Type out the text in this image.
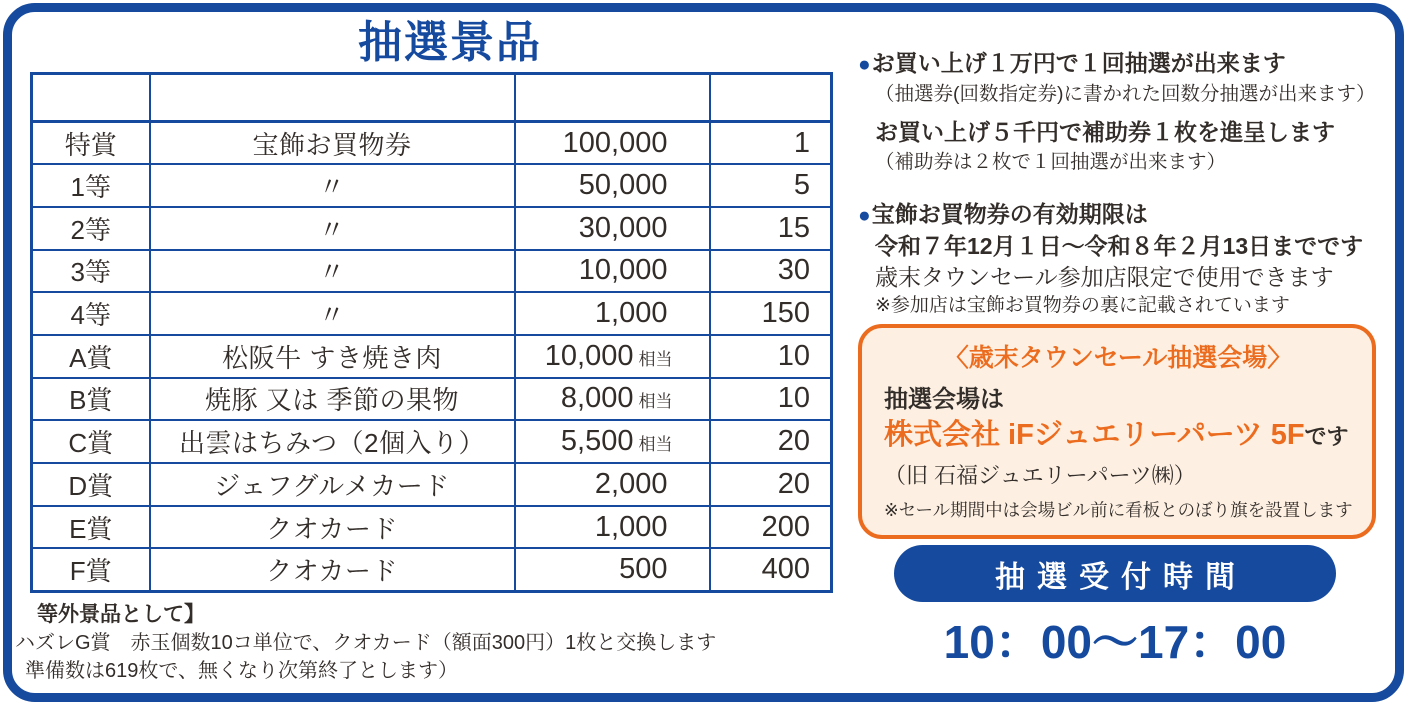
抽選景品

特賞	宝飾お買物券	100,000	1
1等	〃	50,000	5
2等	〃	30,000	15
3等	〃	10,000	30
4等	〃	1,000	150
A賞	松阪牛 すき焼き肉	10,000 相当	10
B賞	焼豚 又は 季節の果物	8,000 相当	10
C賞	出雲はちみつ（2個入り）	5,500 相当	20
D賞	ジェフグルメカード	2,000	20
E賞	クオカード	1,000	200
F賞	クオカード	500	400
等外景品として】
ハズレG賞　赤玉個数10コ単位で、クオカード（額面300円）1枚と交換します
準備数は619枚で、無くなり次第終了とします）
●お買い上げ１万円で１回抽選が出来ます
（抽選券(回数指定券)に書かれた回数分抽選が出来ます）
お買い上げ５千円で補助券１枚を進呈します
（補助券は２枚で１回抽選が出来ます）
●宝飾お買物券の有効期限は
令和７年12月１日～令和８年２月13日までです
歳末タウンセール参加店限定で使用できます
※参加店は宝飾お買物券の裏に記載されています
〈歳末タウンセール抽選会場〉
抽選会場は
株式会社 iFジュエリーパーツ 5Fです
（旧 石福ジュエリーパーツ㈱）
※セール期間中は会場ビル前に看板とのぼり旗を設置します
抽選受付時間
10：00～17：00
